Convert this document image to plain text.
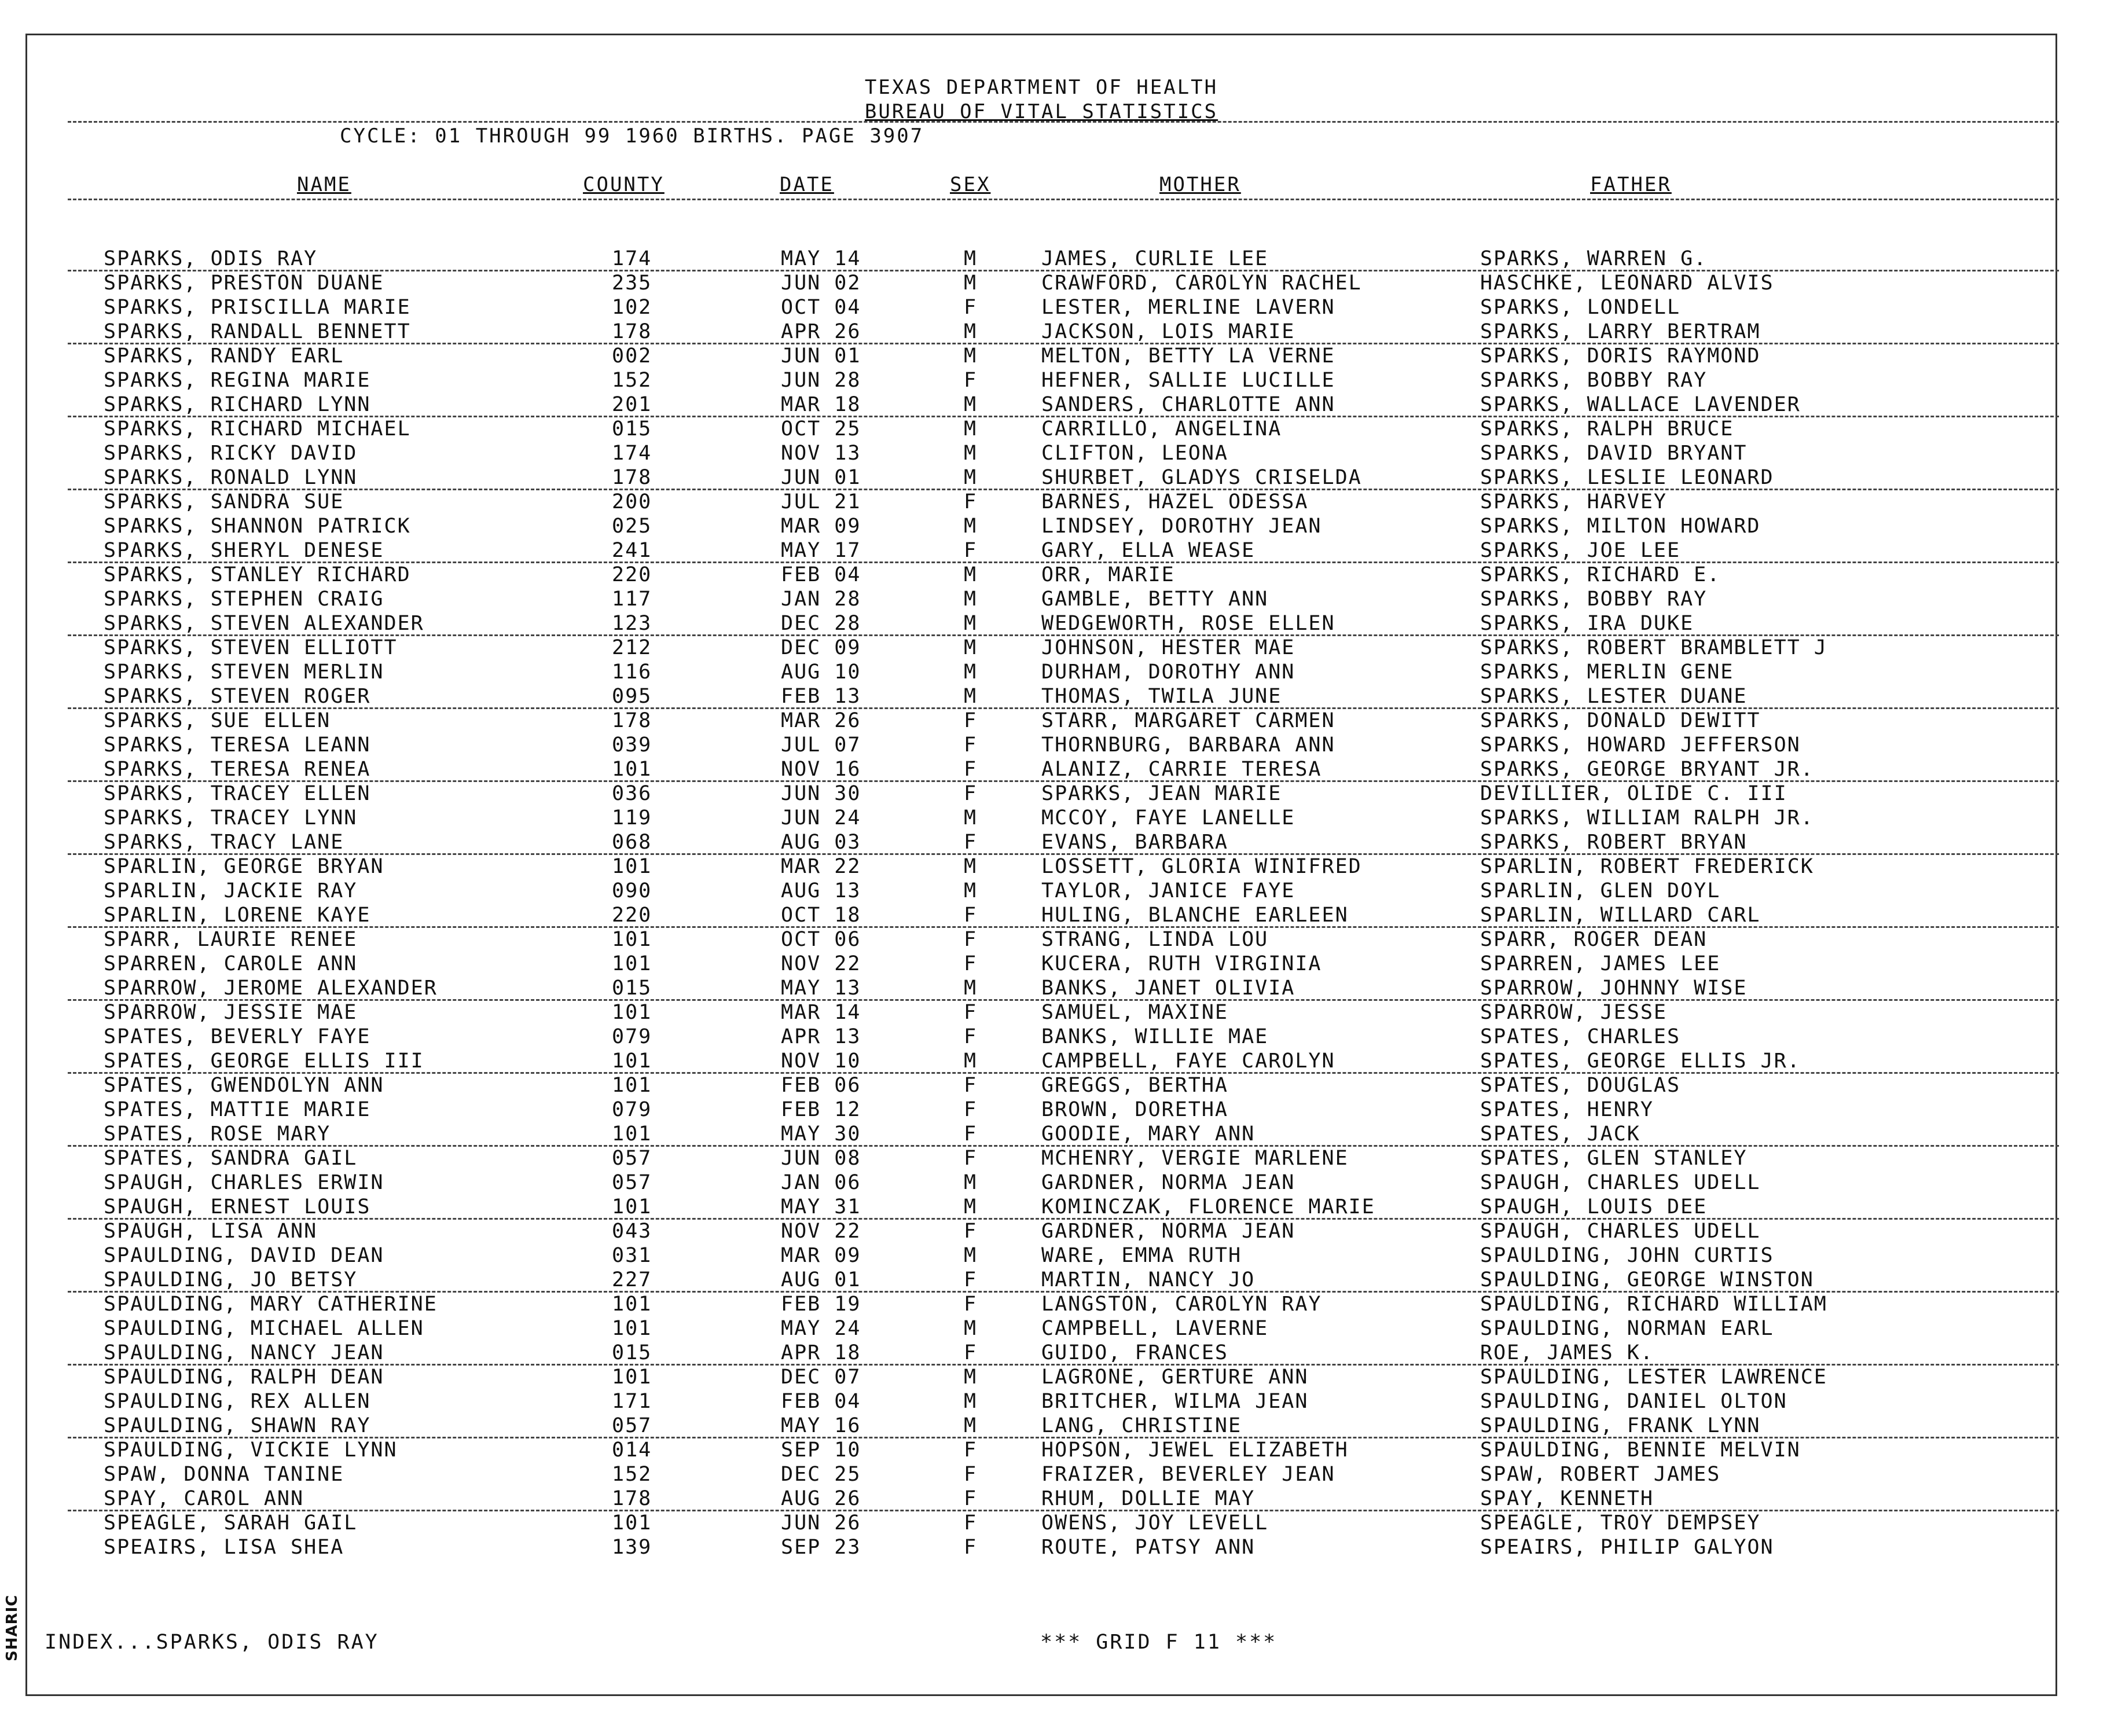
TEXAS DEPARTMENT OF HEALTH
BUREAU OF VITAL STATISTICS
CYCLE: 01 THROUGH 99 1960 BIRTHS. PAGE 3907
NAME	COUNTY	DATE	SEX	MOTHER	FATHER
SPARKS, ODIS RAY	174	MAY 14	M	JAMES, CURLIE LEE	SPARKS, WARREN G.
SPARKS, PRESTON DUANE	235	JUN 02	M	CRAWFORD, CAROLYN RACHEL	HASCHKE, LEONARD ALVIS
SPARKS, PRISCILLA MARIE	102	OCT 04	F	LESTER, MERLINE LAVERN	SPARKS, LONDELL
SPARKS, RANDALL BENNETT	178	APR 26	M	JACKSON, LOIS MARIE	SPARKS, LARRY BERTRAM
SPARKS, RANDY EARL	002	JUN 01	M	MELTON, BETTY LA VERNE	SPARKS, DORIS RAYMOND
SPARKS, REGINA MARIE	152	JUN 28	F	HEFNER, SALLIE LUCILLE	SPARKS, BOBBY RAY
SPARKS, RICHARD LYNN	201	MAR 18	M	SANDERS, CHARLOTTE ANN	SPARKS, WALLACE LAVENDER
SPARKS, RICHARD MICHAEL	015	OCT 25	M	CARRILLO, ANGELINA	SPARKS, RALPH BRUCE
SPARKS, RICKY DAVID	174	NOV 13	M	CLIFTON, LEONA	SPARKS, DAVID BRYANT
SPARKS, RONALD LYNN	178	JUN 01	M	SHURBET, GLADYS CRISELDA	SPARKS, LESLIE LEONARD
SPARKS, SANDRA SUE	200	JUL 21	F	BARNES, HAZEL ODESSA	SPARKS, HARVEY
SPARKS, SHANNON PATRICK	025	MAR 09	M	LINDSEY, DOROTHY JEAN	SPARKS, MILTON HOWARD
SPARKS, SHERYL DENESE	241	MAY 17	F	GARY, ELLA WEASE	SPARKS, JOE LEE
SPARKS, STANLEY RICHARD	220	FEB 04	M	ORR, MARIE	SPARKS, RICHARD E.
SPARKS, STEPHEN CRAIG	117	JAN 28	M	GAMBLE, BETTY ANN	SPARKS, BOBBY RAY
SPARKS, STEVEN ALEXANDER	123	DEC 28	M	WEDGEWORTH, ROSE ELLEN	SPARKS, IRA DUKE
SPARKS, STEVEN ELLIOTT	212	DEC 09	M	JOHNSON, HESTER MAE	SPARKS, ROBERT BRAMBLETT J
SPARKS, STEVEN MERLIN	116	AUG 10	M	DURHAM, DOROTHY ANN	SPARKS, MERLIN GENE
SPARKS, STEVEN ROGER	095	FEB 13	M	THOMAS, TWILA JUNE	SPARKS, LESTER DUANE
SPARKS, SUE ELLEN	178	MAR 26	F	STARR, MARGARET CARMEN	SPARKS, DONALD DEWITT
SPARKS, TERESA LEANN	039	JUL 07	F	THORNBURG, BARBARA ANN	SPARKS, HOWARD JEFFERSON
SPARKS, TERESA RENEA	101	NOV 16	F	ALANIZ, CARRIE TERESA	SPARKS, GEORGE BRYANT JR.
SPARKS, TRACEY ELLEN	036	JUN 30	F	SPARKS, JEAN MARIE	DEVILLIER, OLIDE C. III
SPARKS, TRACEY LYNN	119	JUN 24	M	MCCOY, FAYE LANELLE	SPARKS, WILLIAM RALPH JR.
SPARKS, TRACY LANE	068	AUG 03	F	EVANS, BARBARA	SPARKS, ROBERT BRYAN
SPARLIN, GEORGE BRYAN	101	MAR 22	M	LOSSETT, GLORIA WINIFRED	SPARLIN, ROBERT FREDERICK
SPARLIN, JACKIE RAY	090	AUG 13	M	TAYLOR, JANICE FAYE	SPARLIN, GLEN DOYL
SPARLIN, LORENE KAYE	220	OCT 18	F	HULING, BLANCHE EARLEEN	SPARLIN, WILLARD CARL
SPARR, LAURIE RENEE	101	OCT 06	F	STRANG, LINDA LOU	SPARR, ROGER DEAN
SPARREN, CAROLE ANN	101	NOV 22	F	KUCERA, RUTH VIRGINIA	SPARREN, JAMES LEE
SPARROW, JEROME ALEXANDER	015	MAY 13	M	BANKS, JANET OLIVIA	SPARROW, JOHNNY WISE
SPARROW, JESSIE MAE	101	MAR 14	F	SAMUEL, MAXINE	SPARROW, JESSE
SPATES, BEVERLY FAYE	079	APR 13	F	BANKS, WILLIE MAE	SPATES, CHARLES
SPATES, GEORGE ELLIS III	101	NOV 10	M	CAMPBELL, FAYE CAROLYN	SPATES, GEORGE ELLIS JR.
SPATES, GWENDOLYN ANN	101	FEB 06	F	GREGGS, BERTHA	SPATES, DOUGLAS
SPATES, MATTIE MARIE	079	FEB 12	F	BROWN, DORETHA	SPATES, HENRY
SPATES, ROSE MARY	101	MAY 30	F	GOODIE, MARY ANN	SPATES, JACK
SPATES, SANDRA GAIL	057	JUN 08	F	MCHENRY, VERGIE MARLENE	SPATES, GLEN STANLEY
SPAUGH, CHARLES ERWIN	057	JAN 06	M	GARDNER, NORMA JEAN	SPAUGH, CHARLES UDELL
SPAUGH, ERNEST LOUIS	101	MAY 31	M	KOMINCZAK, FLORENCE MARIE	SPAUGH, LOUIS DEE
SPAUGH, LISA ANN	043	NOV 22	F	GARDNER, NORMA JEAN	SPAUGH, CHARLES UDELL
SPAULDING, DAVID DEAN	031	MAR 09	M	WARE, EMMA RUTH	SPAULDING, JOHN CURTIS
SPAULDING, JO BETSY	227	AUG 01	F	MARTIN, NANCY JO	SPAULDING, GEORGE WINSTON
SPAULDING, MARY CATHERINE	101	FEB 19	F	LANGSTON, CAROLYN RAY	SPAULDING, RICHARD WILLIAM
SPAULDING, MICHAEL ALLEN	101	MAY 24	M	CAMPBELL, LAVERNE	SPAULDING, NORMAN EARL
SPAULDING, NANCY JEAN	015	APR 18	F	GUIDO, FRANCES	ROE, JAMES K.
SPAULDING, RALPH DEAN	101	DEC 07	M	LAGRONE, GERTURE ANN	SPAULDING, LESTER LAWRENCE
SPAULDING, REX ALLEN	171	FEB 04	M	BRITCHER, WILMA JEAN	SPAULDING, DANIEL OLTON
SPAULDING, SHAWN RAY	057	MAY 16	M	LANG, CHRISTINE	SPAULDING, FRANK LYNN
SPAULDING, VICKIE LYNN	014	SEP 10	F	HOPSON, JEWEL ELIZABETH	SPAULDING, BENNIE MELVIN
SPAW, DONNA TANINE	152	DEC 25	F	FRAIZER, BEVERLEY JEAN	SPAW, ROBERT JAMES
SPAY, CAROL ANN	178	AUG 26	F	RHUM, DOLLIE MAY	SPAY, KENNETH
SPEAGLE, SARAH GAIL	101	JUN 26	F	OWENS, JOY LEVELL	SPEAGLE, TROY DEMPSEY
SPEAIRS, LISA SHEA	139	SEP 23	F	ROUTE, PATSY ANN	SPEAIRS, PHILIP GALYON
INDEX...SPARKS, ODIS RAY	*** GRID F 11 ***
SHARIC
